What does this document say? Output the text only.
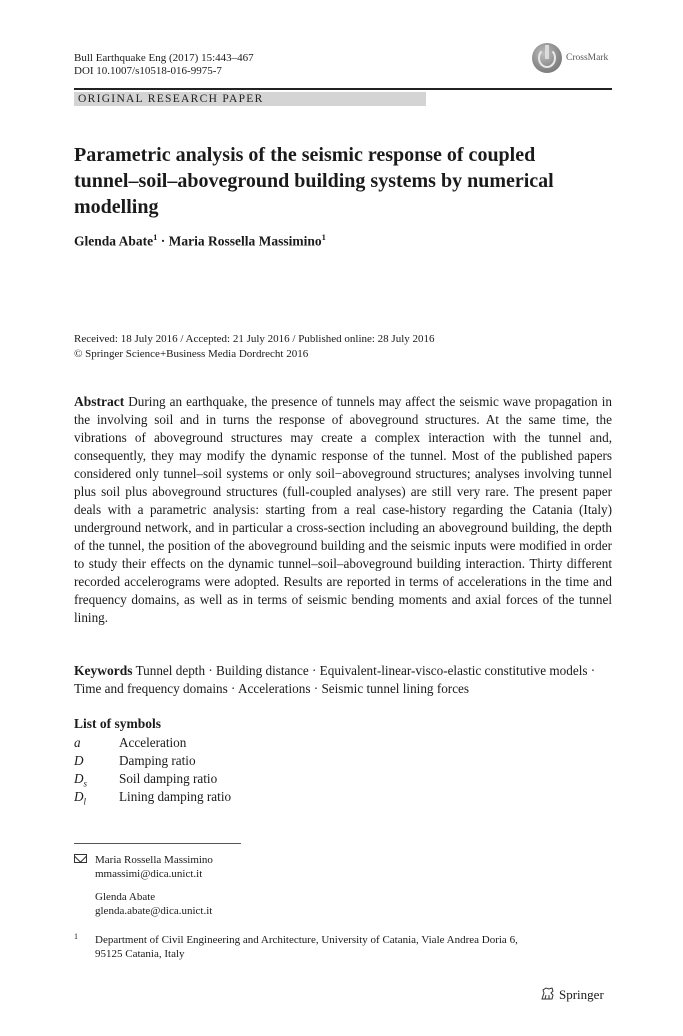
Bull Earthquake Eng (2017) 15:443–467
DOI 10.1007/s10518-016-9975-7
CrossMark
ORIGINAL RESEARCH PAPER
Parametric analysis of the seismic response of coupled tunnel–soil–aboveground building systems by numerical modelling
Glenda Abate$^1$ · Maria Rossella Massimino$^1$
Received: 18 July 2016 / Accepted: 21 July 2016 / Published online: 28 July 2016
© Springer Science+Business Media Dordrecht 2016

Abstract During an earthquake, the presence of tunnels may affect the seismic wave propagation in the involving soil and in turns the response of aboveground structures. At the same time, the vibrations of aboveground structures may create a complex interaction with the tunnel and, consequently, they may modify the dynamic response of the tunnel. Most of the published papers considered only tunnel–soil systems or only soil−aboveground structures; analyses involving tunnel plus soil plus aboveground structures (full-coupled analyses) are still very rare. The present paper deals with a parametric analysis: starting from a real case-history regarding the Catania (Italy) underground network, and in particular a cross-section including an aboveground building, the depth of the tunnel, the position of the aboveground building and the seismic inputs were modified in order to study their effects on the dynamic tunnel–soil–aboveground building interaction. Thirty different recorded accelerograms were adopted. Results are reported in terms of accelerations in the time and frequency domains, as well as in terms of seismic bending moments and axial forces of the tunnel lining.

Keywords Tunnel depth · Building distance · Equivalent-linear-visco-elastic constitutive models · Time and frequency domains · Accelerations · Seismic tunnel lining forces

List of symbols
a	Acceleration
D	Damping ratio
$D_s$ Soil damping ratio
$D_l$ Lining damping ratio
Maria Rossella Massimino
mmassimi@dica.unict.it
Glenda Abate
glenda.abate@dica.unict.it
1 Department of Civil Engineering and Architecture, University of Catania, Viale Andrea Doria 6,
95125 Catania, Italy
Springer
